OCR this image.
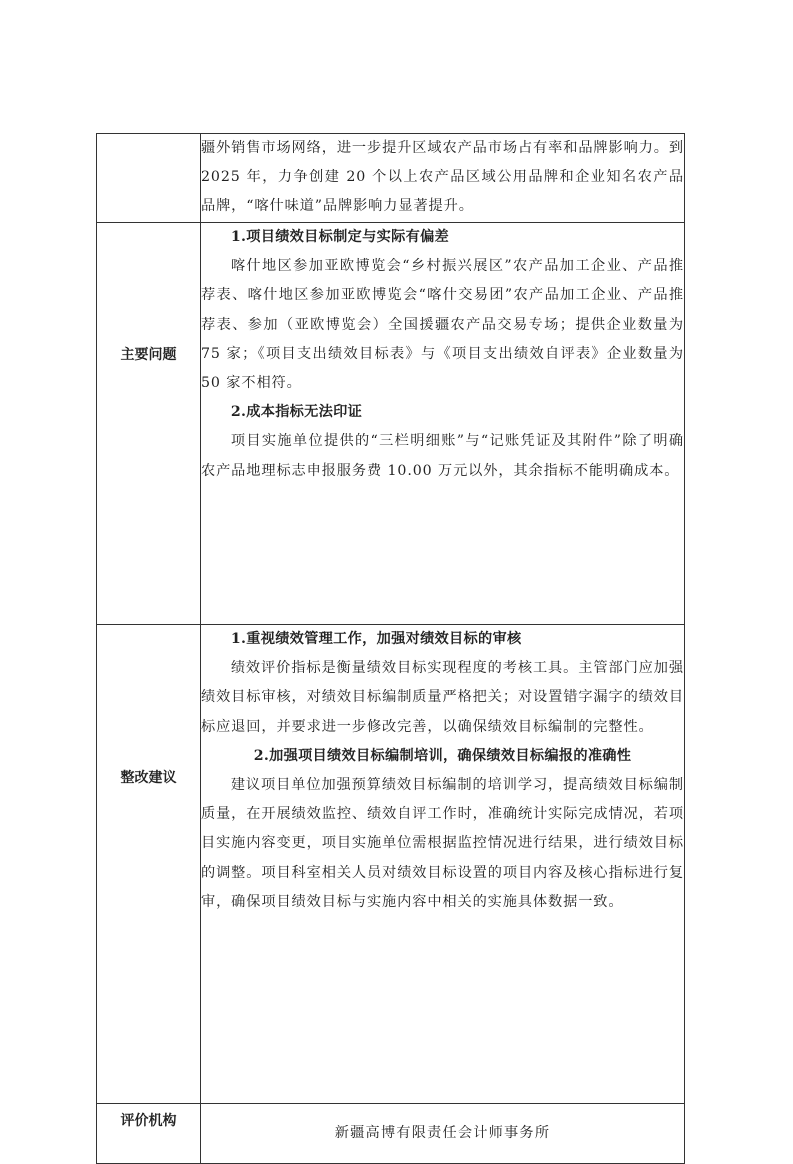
	疆外销售市场网络，进一步提升区域农产品市场占有率和品牌影响力。到 2025 年，力争创建 20 个以上农产品区域公用品牌和企业知名农产品品牌，“喀什味道”品牌影响力显著提升。

主要问题	1.项目绩效目标制定与实际有偏差

喀什地区参加亚欧博览会“乡村振兴展区”农产品加工企业、产品推荐表、喀什地区参加亚欧博览会“喀什交易团”农产品加工企业、产品推荐表、参加（亚欧博览会）全国援疆农产品交易专场；提供企业数量为 75 家；《项目支出绩效目标表》与《项目支出绩效自评表》企业数量为 50 家不相符。

2.成本指标无法印证

项目实施单位提供的“三栏明细账”与“记账凭证及其附件”除了明确农产品地理标志申报服务费 10.00 万元以外，其余指标不能明确成本。

整改建议	1.重视绩效管理工作，加强对绩效目标的审核

绩效评价指标是衡量绩效目标实现程度的考核工具。主管部门应加强绩效目标审核，对绩效目标编制质量严格把关；对设置错字漏字的绩效目标应退回，并要求进一步修改完善，以确保绩效目标编制的完整性。

2.加强项目绩效目标编制培训，确保绩效目标编报的准确性

建议项目单位加强预算绩效目标编制的培训学习，提高绩效目标编制质量，在开展绩效监控、绩效自评工作时，准确统计实际完成情况，若项目实施内容变更，项目实施单位需根据监控情况进行结果，进行绩效目标的调整。项目科室相关人员对绩效目标设置的项目内容及核心指标进行复审，确保项目绩效目标与实施内容中相关的实施具体数据一致。

评价机构	新疆高博有限责任会计师事务所
